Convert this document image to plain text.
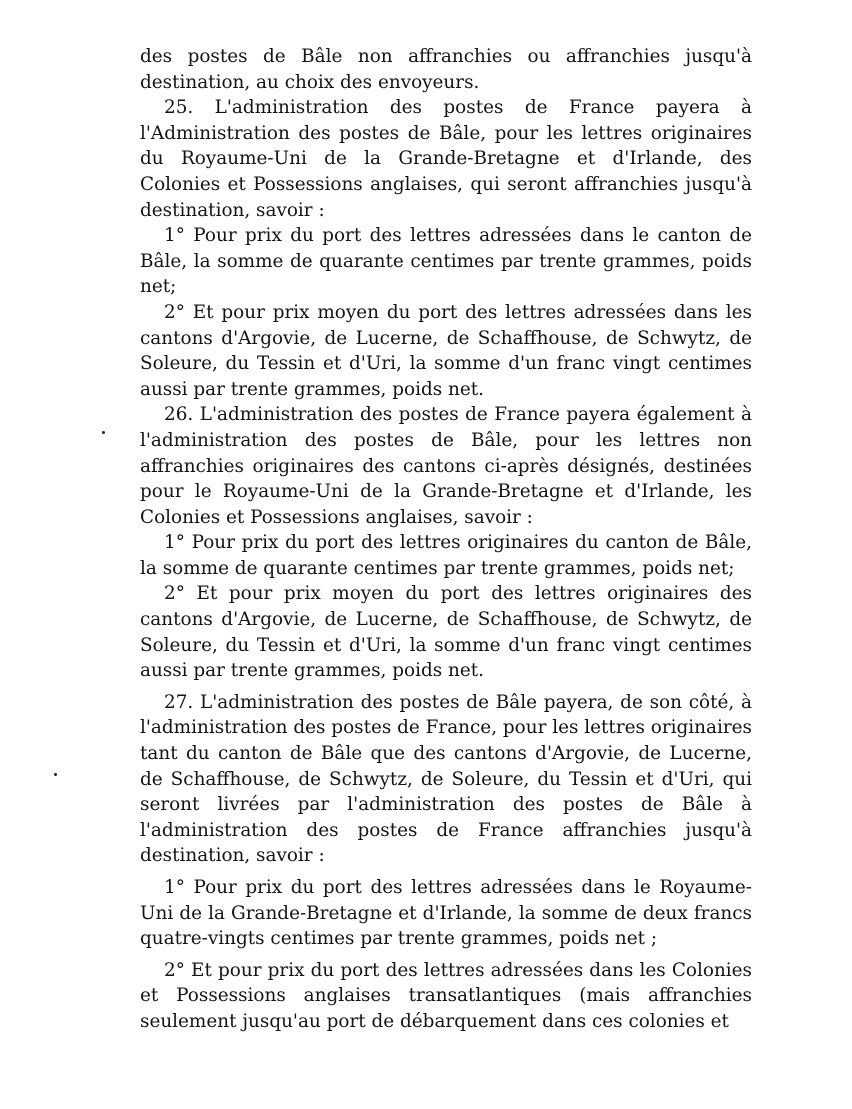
des postes de Bâle non affranchies ou affranchies jusqu'à destination, au choix des envoyeurs.

25. L'administration des postes de France payera à l'Administration des postes de Bâle, pour les lettres originaires du Royaume-Uni de la Grande-Bretagne et d'Irlande, des Colonies et Possessions anglaises, qui seront affranchies jusqu'à destination, savoir :

1° Pour prix du port des lettres adressées dans le canton de Bâle, la somme de quarante centimes par trente grammes, poids net;

2° Et pour prix moyen du port des lettres adressées dans les cantons d'Argovie, de Lucerne, de Schaffhouse, de Schwytz, de Soleure, du Tessin et d'Uri, la somme d'un franc vingt centimes aussi par trente grammes, poids net.

26. L'administration des postes de France payera également à l'administration des postes de Bâle, pour les lettres non affranchies originaires des cantons ci-après désignés, destinées pour le Royaume-Uni de la Grande-Bretagne et d'Irlande, les Colonies et Possessions anglaises, savoir :

1° Pour prix du port des lettres originaires du canton de Bâle, la somme de quarante centimes par trente grammes, poids net;

2° Et pour prix moyen du port des lettres originaires des cantons d'Argovie, de Lucerne, de Schaffhouse, de Schwytz, de Soleure, du Tessin et d'Uri, la somme d'un franc vingt centimes aussi par trente grammes, poids net.

27. L'administration des postes de Bâle payera, de son côté, à l'administration des postes de France, pour les lettres originaires tant du canton de Bâle que des cantons d'Argovie, de Lucerne, de Schaffhouse, de Schwytz, de Soleure, du Tessin et d'Uri, qui seront livrées par l'administration des postes de Bâle à l'administration des postes de France affranchies jusqu'à destination, savoir :

1° Pour prix du port des lettres adressées dans le Royaume-Uni de la Grande-Bretagne et d'Irlande, la somme de deux francs quatre-vingts centimes par trente grammes, poids net ;

2° Et pour prix du port des lettres adressées dans les Colonies et Possessions anglaises transatlantiques (mais affranchies seulement jusqu'au port de débarquement dans ces colonies et
